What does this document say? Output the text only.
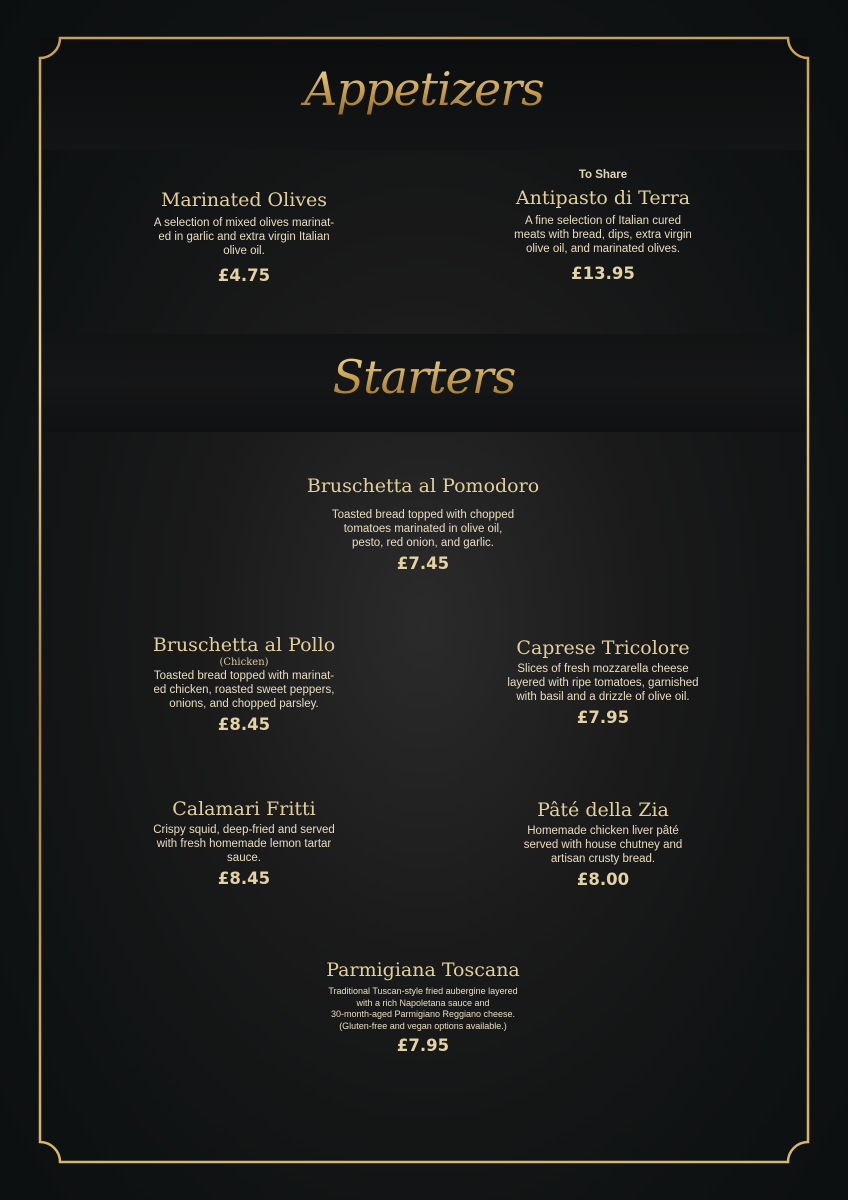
Appetizers
Starters
Marinated Olives
A selection of mixed olives marinat-
ed in garlic and extra virgin Italian
olive oil.
£4.75
To Share
Antipasto di Terra
A fine selection of Italian cured
meats with bread, dips, extra virgin
olive oil, and marinated olives.
£13.95
Bruschetta al Pomodoro
Toasted bread topped with chopped
tomatoes marinated in olive oil,
pesto, red onion, and garlic.
£7.45
Bruschetta al Pollo
(Chicken)
Toasted bread topped with marinat-
ed chicken, roasted sweet peppers,
onions, and chopped parsley.
£8.45
Caprese Tricolore
Slices of fresh mozzarella cheese
layered with ripe tomatoes, garnished
with basil and a drizzle of olive oil.
£7.95
Calamari Fritti
Crispy squid, deep-fried and served
with fresh homemade lemon tartar
sauce.
£8.45
Pâté della Zia
Homemade chicken liver pâté
served with house chutney and
artisan crusty bread.
£8.00
Parmigiana Toscana
Traditional Tuscan-style fried aubergine layered
with a rich Napoletana sauce and
30-month-aged Parmigiano Reggiano cheese.
(Gluten-free and vegan options available.)
£7.95
